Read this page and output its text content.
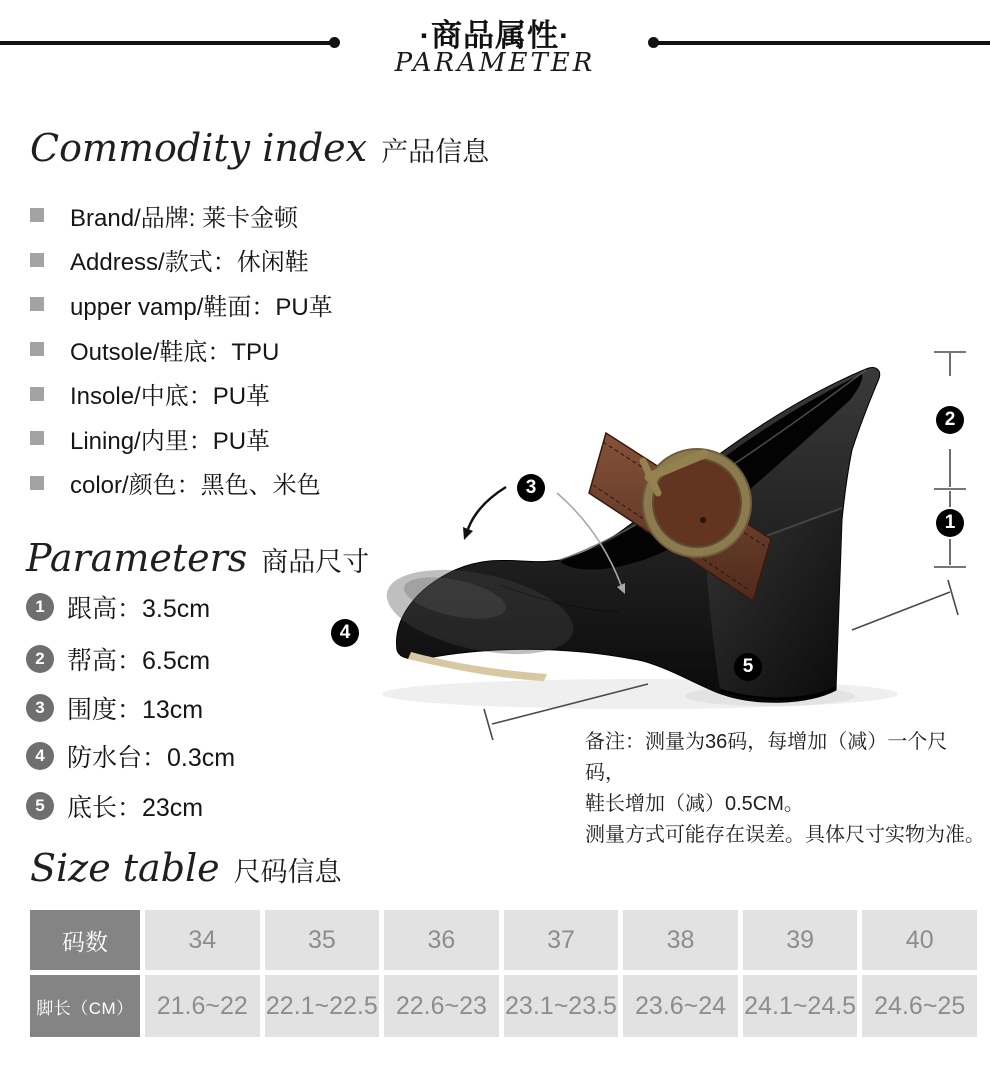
·商品属性·
PARAMETER
Commodity index 产品信息
Brand/品牌: 莱卡金顿
Address/款式：休闲鞋
upper vamp/鞋面：PU革
Outsole/鞋底：TPU
Insole/中底：PU革
Lining/内里：PU革
color/颜色：黑色、米色
Parameters 商品尺寸
1 跟高：3.5cm
2 帮高：6.5cm
3 围度：13cm
4 防水台：0.3cm
5 底长：23cm
2
1
3
4
5
备注：测量为36码，每增加（减）一个尺码，
鞋长增加（减）0.5CM。
测量方式可能存在误差。具体尺寸实物为准。
Size table 尺码信息
码数	34	35	36	37	38	39	40
脚长（CM） 21.6~22 22.1~22.5 22.6~23 23.1~23.5 23.6~24 24.1~24.5 24.6~25
